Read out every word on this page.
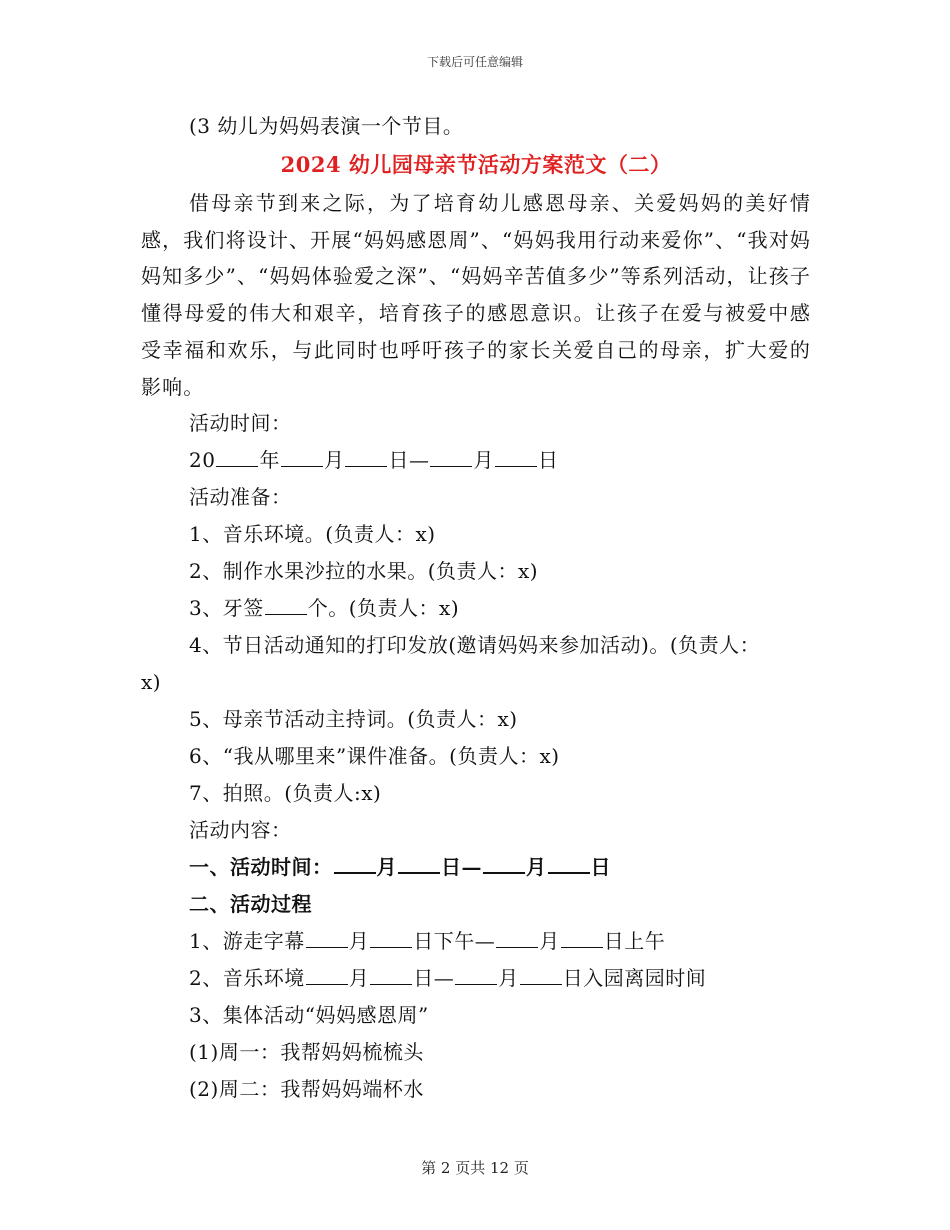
下载后可任意编辑
(3 幼儿为妈妈表演一个节目。
2024 幼儿园母亲节活动方案范文（二）
借母亲节到来之际，为了培育幼儿感恩母亲、关爱妈妈的美好情感，我们将设计、开展“妈妈感恩周”、“妈妈我用行动来爱你”、“我对妈妈知多少”、“妈妈体验爱之深”、“妈妈辛苦值多少”等系列活动，让孩子懂得母爱的伟大和艰辛，培育孩子的感恩意识。让孩子在爱与被爱中感受幸福和欢乐，与此同时也呼吁孩子的家长关爱自己的母亲，扩大爱的影响。
活动时间：
20 年 月 日— 月 日
活动准备：
1、音乐环境。(负责人：x)
2、制作水果沙拉的水果。(负责人：x)
3、牙签 个。(负责人：x)
4、节日活动通知的打印发放(邀请妈妈来参加活动)。(负责人：
x)
5、母亲节活动主持词。(负责人：x)
6、“我从哪里来”课件准备。(负责人：x)
7、拍照。(负责人:x)
活动内容：
一、活动时间： 月 日— 月 日
二、活动过程
1、游走字幕 月 日下午— 月 日上午
2、音乐环境 月 日— 月 日入园离园时间
3、集体活动“妈妈感恩周”
(1)周一：我帮妈妈梳梳头
(2)周二：我帮妈妈端杯水
第 2 页共 12 页
